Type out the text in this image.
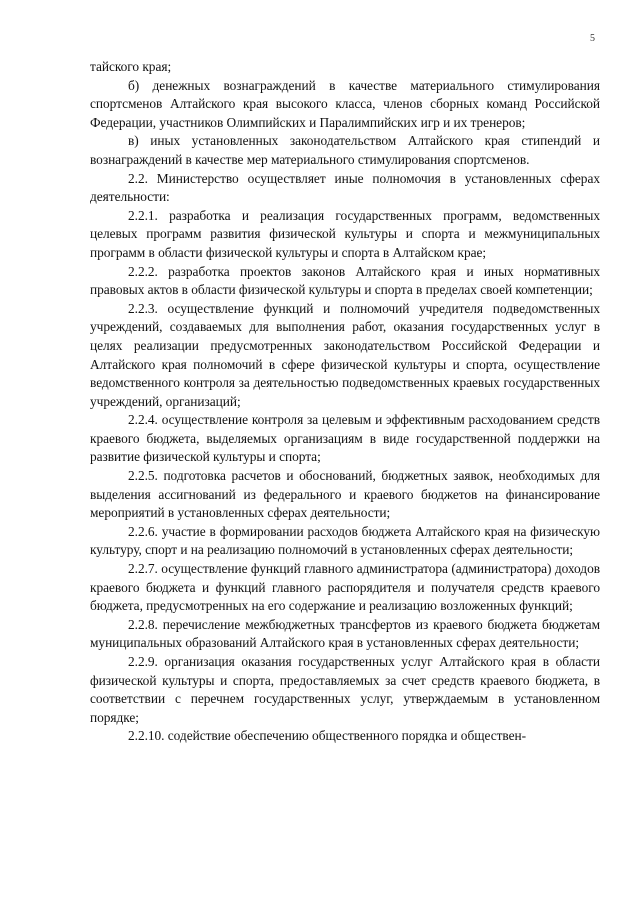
5

тайского края;

б) денежных вознаграждений в качестве материального стимулирования спортсменов Алтайского края высокого класса, членов сборных команд Российской Федерации, участников Олимпийских и Паралимпийских игр и их тренеров;

в) иных установленных законодательством Алтайского края стипендий и вознаграждений в качестве мер материального стимулирования спортсменов.

2.2. Министерство осуществляет иные полномочия в установленных сферах деятельности:

2.2.1. разработка и реализация государственных программ, ведомственных целевых программ развития физической культуры и спорта и межмуниципальных программ в области физической культуры и спорта в Алтайском крае;

2.2.2. разработка проектов законов Алтайского края и иных нормативных правовых актов в области физической культуры и спорта в пределах своей компетенции;

2.2.3. осуществление функций и полномочий учредителя подведомственных учреждений, создаваемых для выполнения работ, оказания государственных услуг в целях реализации предусмотренных законодательством Российской Федерации и Алтайского края полномочий в сфере физической культуры и спорта, осуществление ведомственного контроля за деятельностью подведомственных краевых государственных учреждений, организаций;

2.2.4. осуществление контроля за целевым и эффективным расходованием средств краевого бюджета, выделяемых организациям в виде государственной поддержки на развитие физической культуры и спорта;

2.2.5. подготовка расчетов и обоснований, бюджетных заявок, необходимых для выделения ассигнований из федерального и краевого бюджетов на финансирование мероприятий в установленных сферах деятельности;

2.2.6. участие в формировании расходов бюджета Алтайского края на физическую культуру, спорт и на реализацию полномочий в установленных сферах деятельности;

2.2.7. осуществление функций главного администратора (администратора) доходов краевого бюджета и функций главного распорядителя и получателя средств краевого бюджета, предусмотренных на его содержание и реализацию возложенных функций;

2.2.8. перечисление межбюджетных трансфертов из краевого бюджета бюджетам муниципальных образований Алтайского края в установленных сферах деятельности;

2.2.9. организация оказания государственных услуг Алтайского края в области физической культуры и спорта, предоставляемых за счет средств краевого бюджета, в соответствии с перечнем государственных услуг, утверждаемым в установленном порядке;

2.2.10. содействие обеспечению общественного порядка и обществен-
